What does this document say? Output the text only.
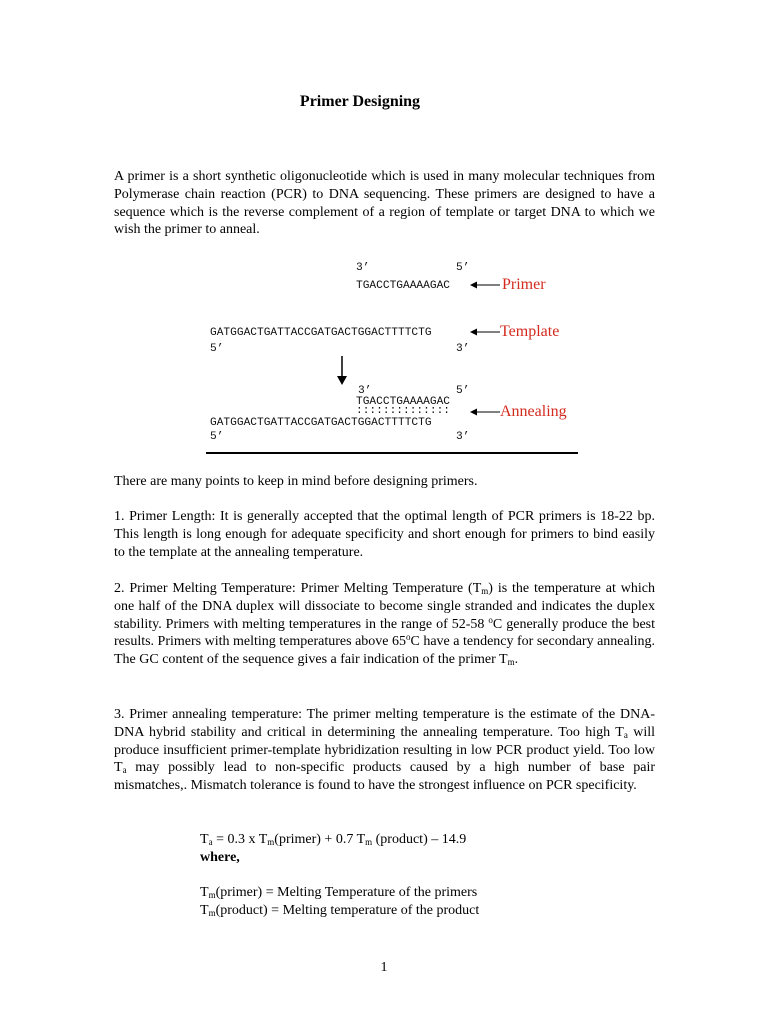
Primer Designing
A primer is a short synthetic oligonucleotide which is used in many molecular techniques from Polymerase chain reaction (PCR) to DNA sequencing. These primers are designed to have a sequence which is the reverse complement of a region of template or target DNA to which we wish the primer to anneal.
3’	5’
TGACCTGAAAAGAC	Primer
GATGGACTGATTACCGATGACTGGACTTTTCTG
5’	3’
Template
3’	5’
TGACCTGAAAAGAC
::::::::::::::	Annealing
GATGGACTGATTACCGATGACTGGACTTTTCTG
5’	3’
There are many points to keep in mind before designing primers.
1. Primer Length: It is generally accepted that the optimal length of PCR primers is 18-22 bp. This length is long enough for adequate specificity and short enough for primers to bind easily to the template at the annealing temperature.
2. Primer Melting Temperature: Primer Melting Temperature $(T_m)$ is the temperature at which one half of the DNA duplex will dissociate to become single stranded and indicates the duplex stability. Primers with melting temperatures in the range of 52-58 $^o$C generally produce the best results. Primers with melting temperatures above 65$^o$C have a tendency for secondary annealing. The GC content of the sequence gives a fair indication of the primer $T_m$.
3. Primer annealing temperature: The primer melting temperature is the estimate of the DNA-DNA hybrid stability and critical in determining the annealing temperature. Too high $T_a$ will produce insufficient primer-template hybridization resulting in low PCR product yield. Too low $T_a$ may possibly lead to non-specific products caused by a high number of base pair mismatches,. Mismatch tolerance is found to have the strongest influence on PCR specificity.
$T_a = 0.3$ x $T_m(primer) + 0.7$ $T_m$ (product) – 14.9
where,
$T_m(primer)$ = Melting Temperature of the primers
$T_m(product)$ = Melting temperature of the product
1
